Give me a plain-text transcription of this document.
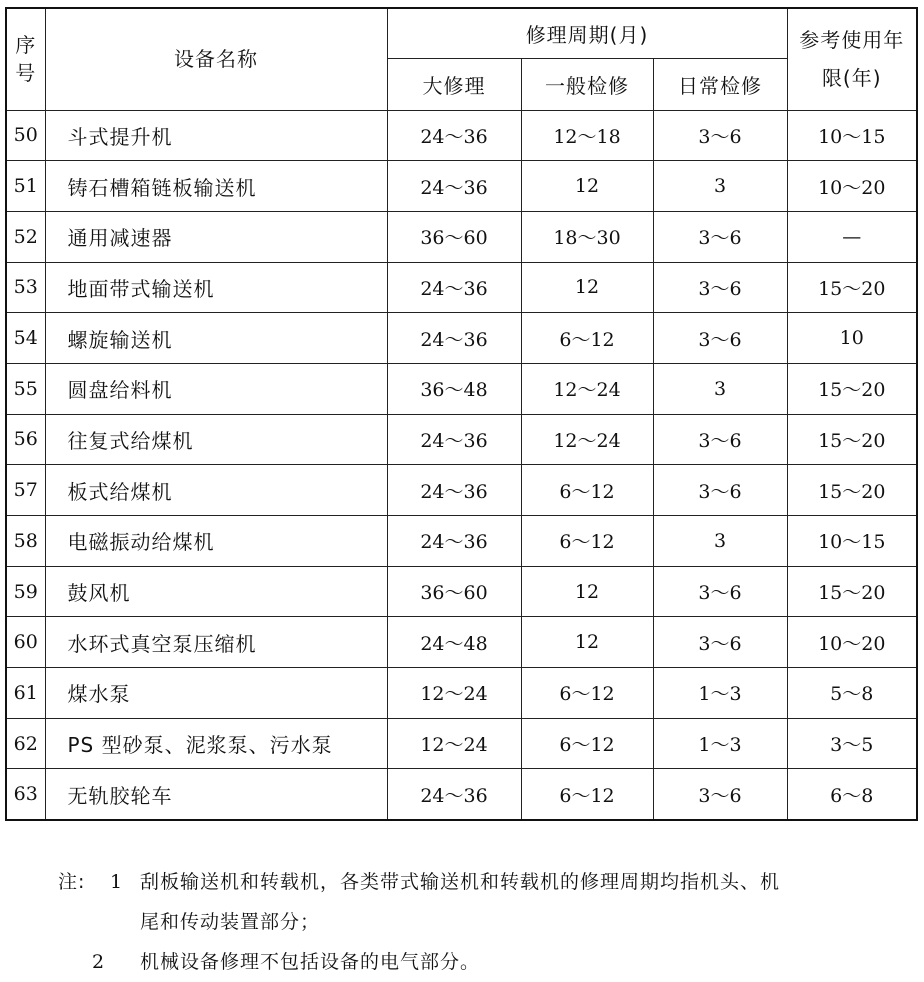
序号	设备名称	修理周期(月)			参考使用年限(年)
		大修理	一般检修	日常检修	
50	斗式提升机	24～36	12～18	3～6	10～15
51	铸石槽箱链板输送机	24～36	12	3	10～20
52	通用减速器	36～60	18～30	3～6	—
53	地面带式输送机	24～36	12	3～6	15～20
54	螺旋输送机	24～36	6～12	3～6	10
55	圆盘给料机	36～48	12～24	3	15～20
56	往复式给煤机	24～36	12～24	3～6	15～20
57	板式给煤机	24～36	6～12	3～6	15～20
58	电磁振动给煤机	24～36	6～12	3	10～15
59	鼓风机	36～60	12	3～6	15～20
60	水环式真空泵压缩机	24～48	12	3～6	10～20
61	煤水泵	12～24	6～12	1～3	5～8
62	PS 型砂泵、泥浆泵、污水泵	12～24	6～12	1～3	3～5
63	无轨胶轮车	24～36	6～12	3～6	6～8
注: 1 刮板输送机和转载机，各类带式输送机和转载机的修理周期均指机头、机
尾和传动装置部分；
2 机械设备修理不包括设备的电气部分。
